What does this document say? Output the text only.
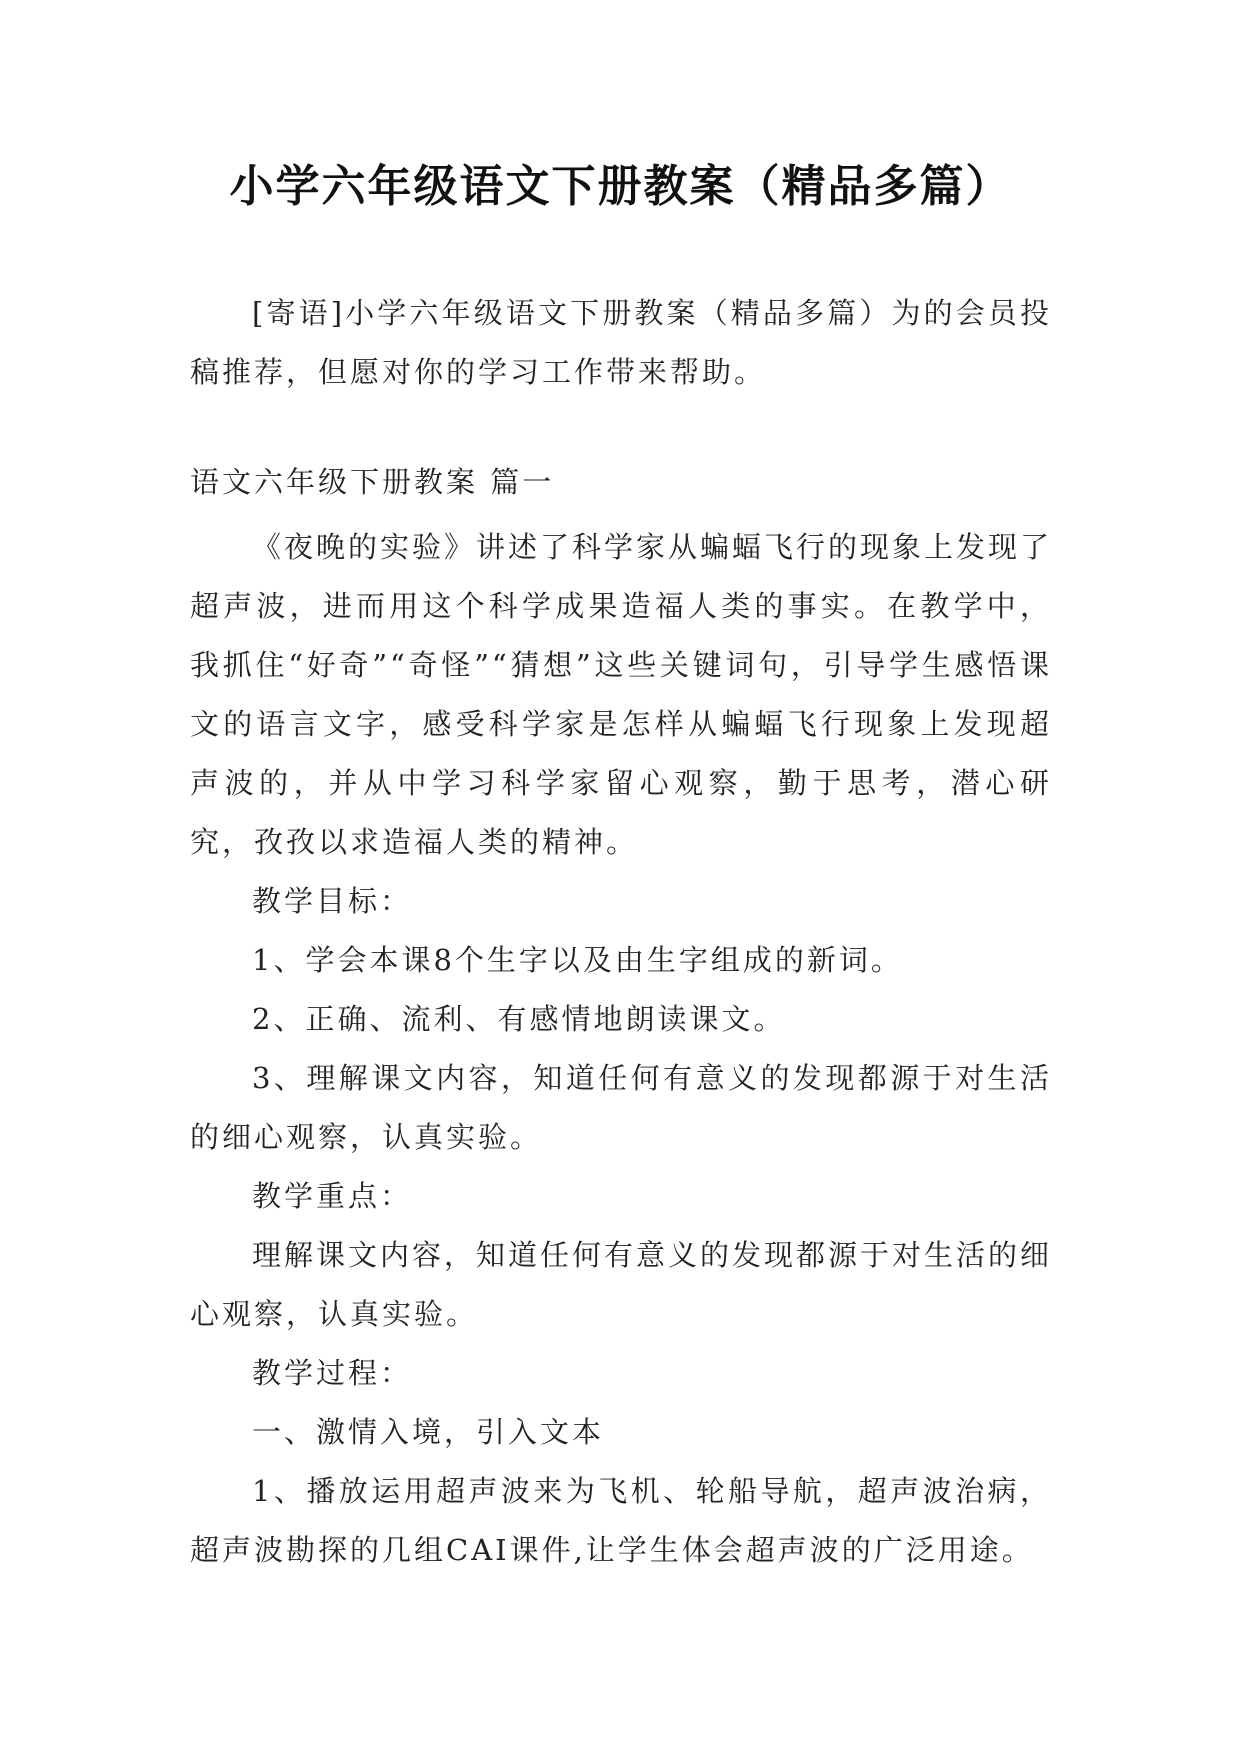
小学六年级语文下册教案（精品多篇）

[寄语]小学六年级语文下册教案（精品多篇）为的会员投稿推荐，但愿对你的学习工作带来帮助。

语文六年级下册教案 篇一

《夜晚的实验》讲述了科学家从蝙蝠飞行的现象上发现了超声波，进而用这个科学成果造福人类的事实。在教学中，我抓住“好奇”“奇怪”“猜想”这些关键词句，引导学生感悟课文的语言文字，感受科学家是怎样从蝙蝠飞行现象上发现超声波的，并从中学习科学家留心观察，勤于思考，潜心研究，孜孜以求造福人类的精神。

教学目标：

1、学会本课8个生字以及由生字组成的新词。

2、正确、流利、有感情地朗读课文。

3、理解课文内容，知道任何有意义的发现都源于对生活的细心观察，认真实验。

教学重点：

理解课文内容，知道任何有意义的发现都源于对生活的细心观察，认真实验。

教学过程：

一、激情入境，引入文本

1、播放运用超声波来为飞机、轮船导航，超声波治病，超声波勘探的几组CAI课件,让学生体会超声波的广泛用途。
